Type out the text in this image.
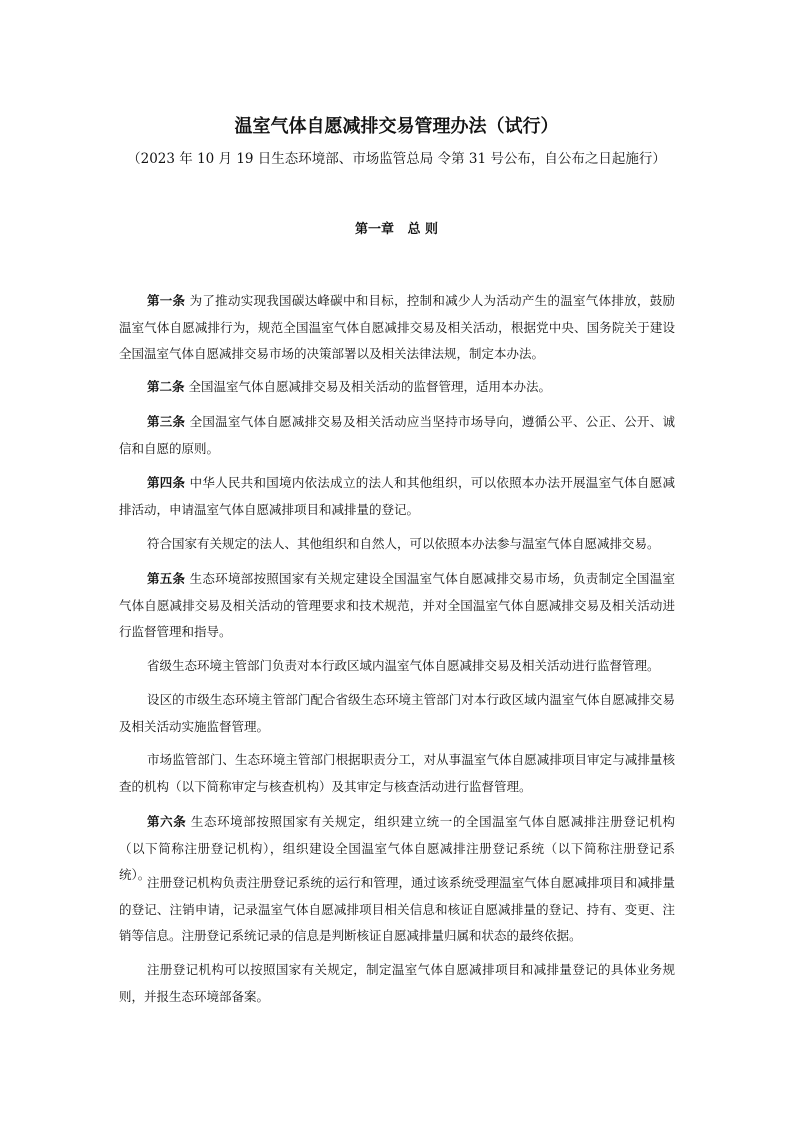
温室气体自愿减排交易管理办法（试行）
（2023 年 10 月 19 日生态环境部、市场监管总局 令第 31 号公布，自公布之日起施行）
第一章   总 则
第一条 为了推动实现我国碳达峰碳中和目标，控制和减少人为活动产生的温室气体排放，鼓励温室气体自愿减排行为，规范全国温室气体自愿减排交易及相关活动，根据党中央、国务院关于建设全国温室气体自愿减排交易市场的决策部署以及相关法律法规，制定本办法。
第二条 全国温室气体自愿减排交易及相关活动的监督管理，适用本办法。
第三条 全国温室气体自愿减排交易及相关活动应当坚持市场导向，遵循公平、公正、公开、诚信和自愿的原则。
第四条 中华人民共和国境内依法成立的法人和其他组织，可以依照本办法开展温室气体自愿减排活动，申请温室气体自愿减排项目和减排量的登记。
符合国家有关规定的法人、其他组织和自然人，可以依照本办法参与温室气体自愿减排交易。
第五条 生态环境部按照国家有关规定建设全国温室气体自愿减排交易市场，负责制定全国温室气体自愿减排交易及相关活动的管理要求和技术规范，并对全国温室气体自愿减排交易及相关活动进行监督管理和指导。
省级生态环境主管部门负责对本行政区域内温室气体自愿减排交易及相关活动进行监督管理。
设区的市级生态环境主管部门配合省级生态环境主管部门对本行政区域内温室气体自愿减排交易及相关活动实施监督管理。
市场监管部门、生态环境主管部门根据职责分工，对从事温室气体自愿减排项目审定与减排量核查的机构（以下简称审定与核查机构）及其审定与核查活动进行监督管理。
第六条 生态环境部按照国家有关规定，组织建立统一的全国温室气体自愿减排注册登记机构（以下简称注册登记机构），组织建设全国温室气体自愿减排注册登记系统（以下简称注册登记系统）。
注册登记机构负责注册登记系统的运行和管理，通过该系统受理温室气体自愿减排项目和减排量的登记、注销申请，记录温室气体自愿减排项目相关信息和核证自愿减排量的登记、持有、变更、注销等信息。注册登记系统记录的信息是判断核证自愿减排量归属和状态的最终依据。
注册登记机构可以按照国家有关规定，制定温室气体自愿减排项目和减排量登记的具体业务规则，并报生态环境部备案。
